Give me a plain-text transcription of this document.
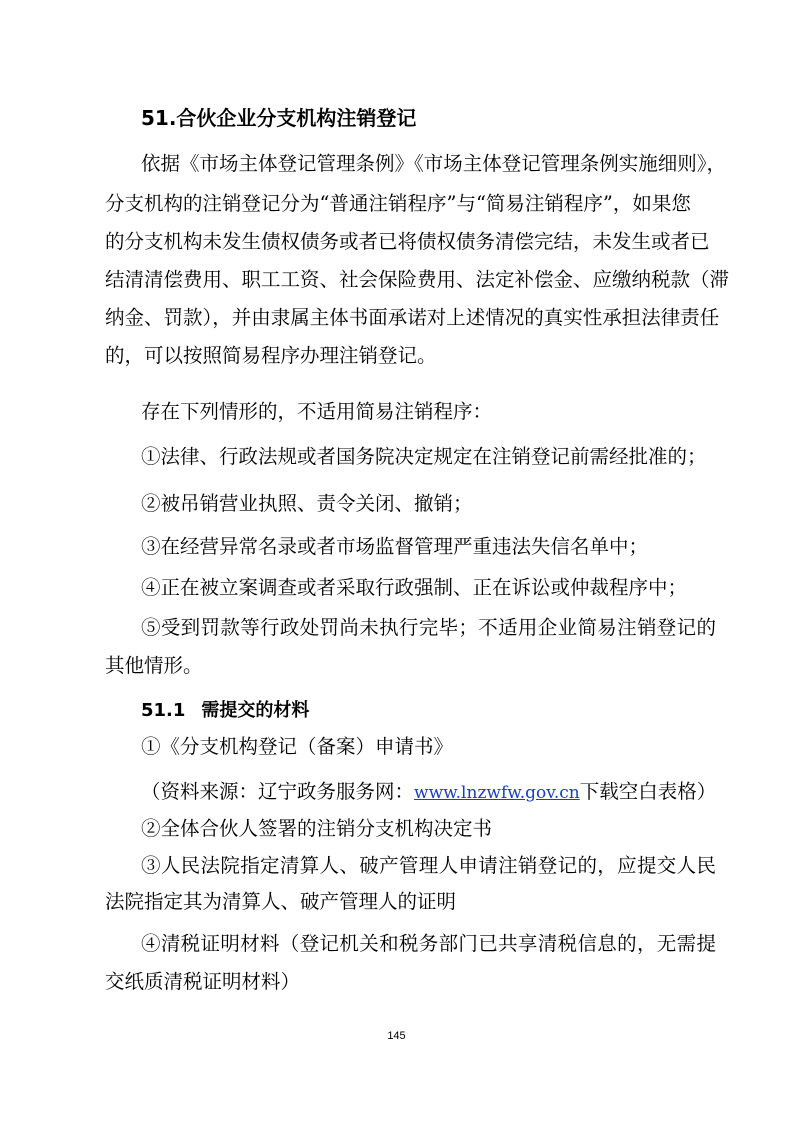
51.合伙企业分支机构注销登记

依据《市场主体登记管理条例》《市场主体登记管理条例实施细则》，

分支机构的注销登记分为“普通注销程序”与“简易注销程序”，如果您

的分支机构未发生债权债务或者已将债权债务清偿完结，未发生或者已

结清清偿费用、职工工资、社会保险费用、法定补偿金、应缴纳税款（滞

纳金、罚款），并由隶属主体书面承诺对上述情况的真实性承担法律责任

的，可以按照简易程序办理注销登记。

存在下列情形的，不适用简易注销程序：

①法律、行政法规或者国务院决定规定在注销登记前需经批准的；

②被吊销营业执照、责令关闭、撤销；

③在经营异常名录或者市场监督管理严重违法失信名单中；

④正在被立案调查或者采取行政强制、正在诉讼或仲裁程序中；

⑤受到罚款等行政处罚尚未执行完毕；不适用企业简易注销登记的

其他情形。

51.1 需提交的材料

①《分支机构登记（备案）申请书》

（资料来源：辽宁政务服务网：www.lnzwfw.gov.cn下载空白表格）

②全体合伙人签署的注销分支机构决定书

③人民法院指定清算人、破产管理人申请注销登记的，应提交人民

法院指定其为清算人、破产管理人的证明

④清税证明材料（登记机关和税务部门已共享清税信息的，无需提

交纸质清税证明材料）

145
